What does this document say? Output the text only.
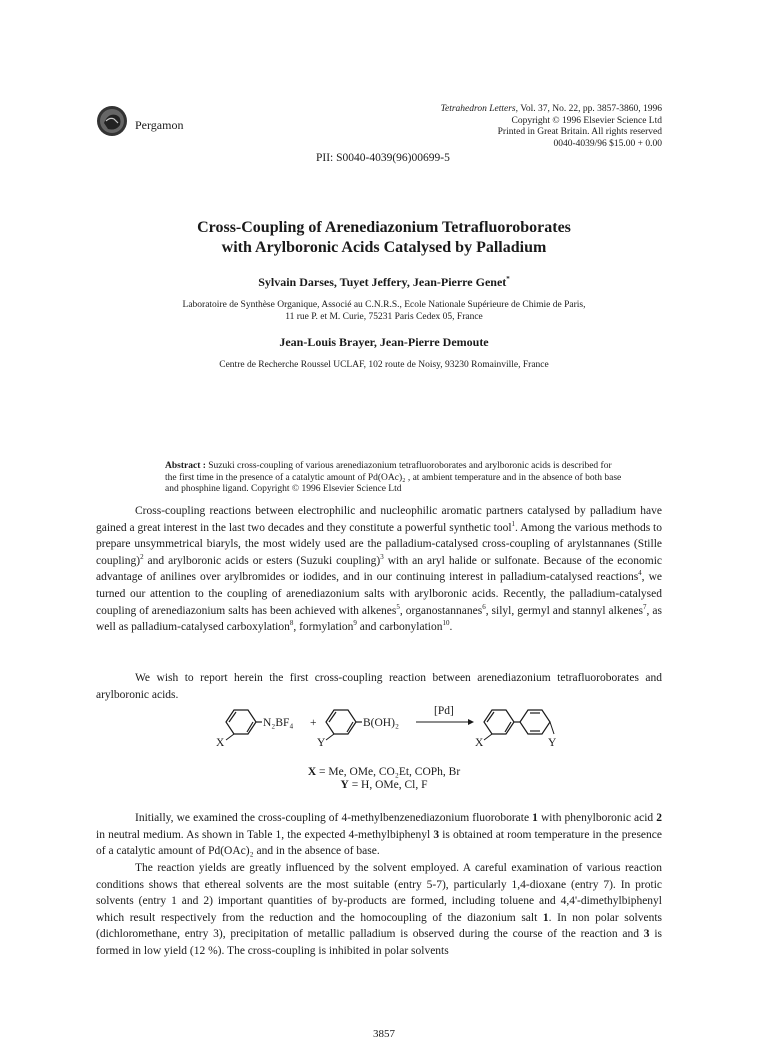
Pergamon
Tetrahedron Letters, Vol. 37, No. 22, pp. 3857-3860, 1996
Copyright © 1996 Elsevier Science Ltd
Printed in Great Britain. All rights reserved
0040-4039/96 $15.00 + 0.00
PII: S0040-4039(96)00699-5
Cross-Coupling of Arenediazonium Tetrafluoroborates
with Arylboronic Acids Catalysed by Palladium
Sylvain Darses, Tuyet Jeffery, Jean-Pierre Genet*
Laboratoire de Synthèse Organique, Associé au C.N.R.S., Ecole Nationale Supérieure de Chimie de Paris,
11 rue P. et M. Curie, 75231 Paris Cedex 05, France
Jean-Louis Brayer, Jean-Pierre Demoute
Centre de Recherche Roussel UCLAF, 102 route de Noisy, 93230 Romainville, France
Abstract : Suzuki cross-coupling of various arenediazonium tetrafluoroborates and arylboronic acids is described for the first time in the presence of a catalytic amount of Pd(OAc)₂ , at ambient temperature and in the absence of both base and phosphine ligand. Copyright © 1996 Elsevier Science Ltd

Cross-coupling reactions between electrophilic and nucleophilic aromatic partners catalysed by palladium have gained a great interest in the last two decades and they constitute a powerful synthetic tool$^1$. Among the various methods to prepare unsymmetrical biaryls, the most widely used are the palladium-catalysed cross-coupling of arylstannanes (Stille coupling)$^2$ and arylboronic acids or esters (Suzuki coupling)$^3$ with an aryl halide or sulfonate. Because of the economic advantage of anilines over arylbromides or iodides, and in our continuing interest in palladium-catalysed reactions$^4$, we turned our attention to the coupling of arenediazonium salts with arylboronic acids. Recently, the palladium-catalysed coupling of arenediazonium salts has been achieved with alkenes$^5$, organostannanes$^6$, silyl, germyl and stannyl alkenes$^7$, as well as palladium-catalysed carboxylation$^8$, formylation$^9$ and carbonylation$^{10}$.

We wish to report herein the first cross-coupling reaction between arenediazonium tetrafluoroborates and arylboronic acids.

X
N₂BF₄ +
Y
B(OH)₂
[Pd]
X	Y
X = Me, OMe, CO₂Et, COPh, Br
Y = H, OMe, Cl, F

Initially, we examined the cross-coupling of 4-methylbenzenediazonium fluoroborate 1 with phenylboronic acid 2 in neutral medium. As shown in Table 1, the expected 4-methylbiphenyl 3 is obtained at room temperature in the presence of a catalytic amount of Pd(OAc)₂ and in the absence of base.

The reaction yields are greatly influenced by the solvent employed. A careful examination of various reaction conditions shows that ethereal solvents are the most suitable (entry 5-7), particularly 1,4-dioxane (entry 7). In protic solvents (entry 1 and 2) important quantities of by-products are formed, including toluene and 4,4'-dimethylbiphenyl which result respectively from the reduction and the homocoupling of the diazonium salt 1. In non polar solvents (dichloromethane, entry 3), precipitation of metallic palladium is observed during the course of the reaction and 3 is formed in low yield (12 %). The cross-coupling is inhibited in polar solvents

3857
